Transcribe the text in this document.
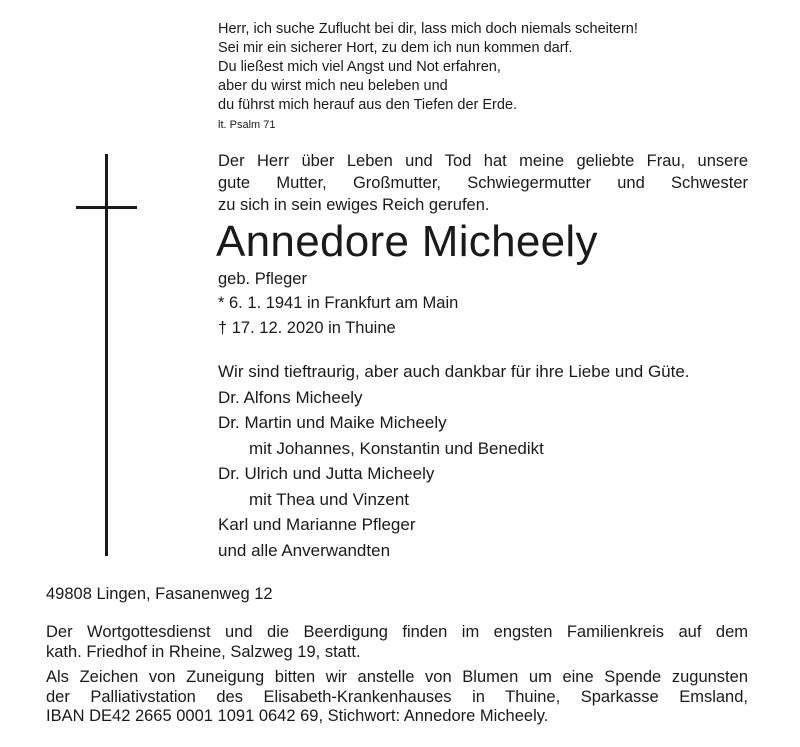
Herr, ich suche Zuflucht bei dir, lass mich doch niemals scheitern!
Sei mir ein sicherer Hort, zu dem ich nun kommen darf.
Du ließest mich viel Angst und Not erfahren,
aber du wirst mich neu beleben und
du führst mich herauf aus den Tiefen der Erde.
lt. Psalm 71
Der Herr über Leben und Tod hat meine geliebte Frau, unsere
gute Mutter, Großmutter, Schwiegermutter und Schwester
zu sich in sein ewiges Reich gerufen.
Annedore Micheely
geb. Pfleger
* 6. 1. 1941 in Frankfurt am Main
† 17. 12. 2020 in Thuine
Wir sind tieftraurig, aber auch dankbar für ihre Liebe und Güte.
Dr. Alfons Micheely
Dr. Martin und Maike Micheely
mit Johannes, Konstantin und Benedikt
Dr. Ulrich und Jutta Micheely
mit Thea und Vinzent
Karl und Marianne Pfleger
und alle Anverwandten
49808 Lingen, Fasanenweg 12
Der Wortgottesdienst und die Beerdigung finden im engsten Familienkreis auf dem
kath. Friedhof in Rheine, Salzweg 19, statt.
Als Zeichen von Zuneigung bitten wir anstelle von Blumen um eine Spende zugunsten
der Palliativstation des Elisabeth-Krankenhauses in Thuine, Sparkasse Emsland,
IBAN DE42 2665 0001 1091 0642 69, Stichwort: Annedore Micheely.
